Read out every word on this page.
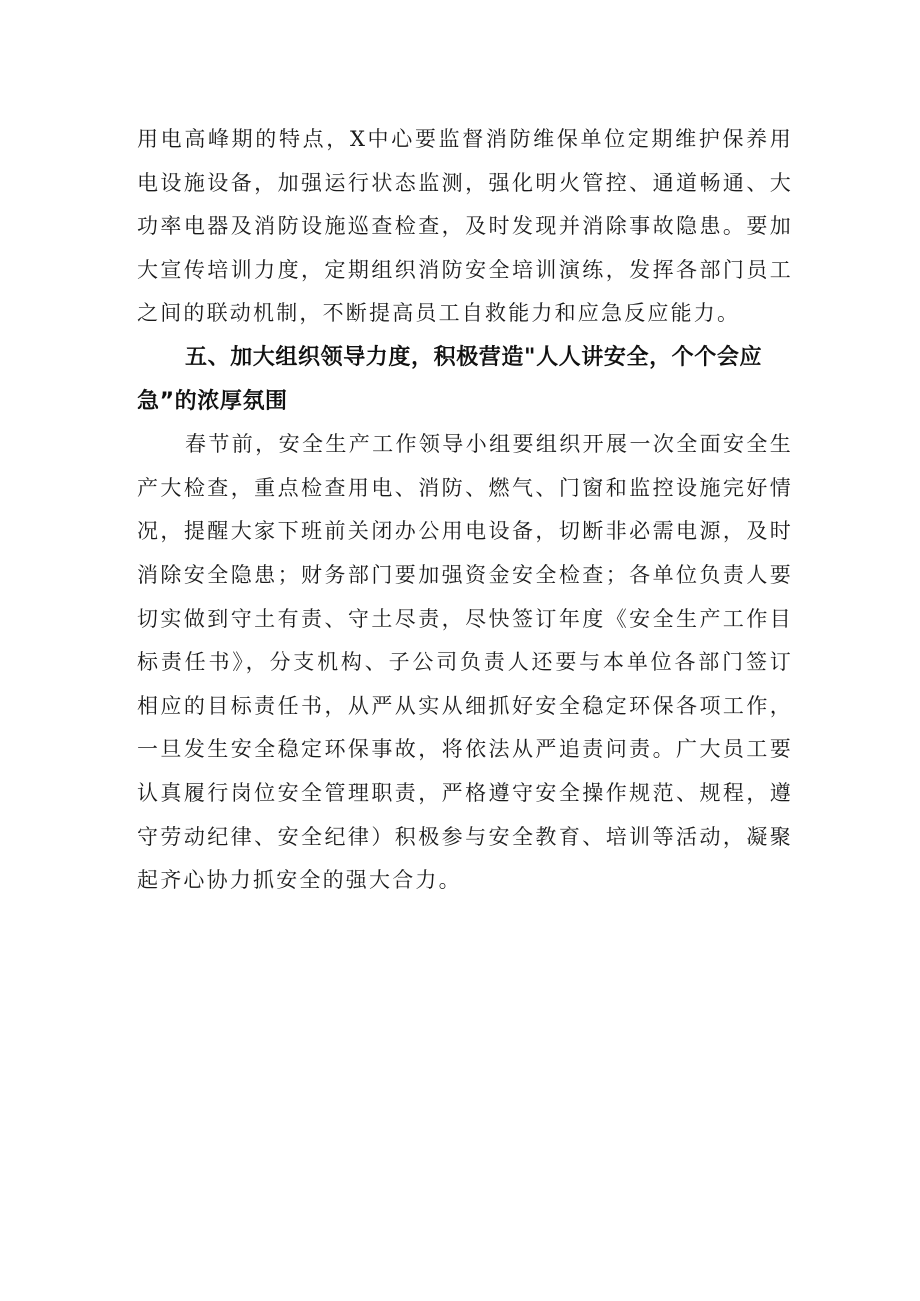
用电高峰期的特点，X中心要监督消防维保单位定期维护保养用电设施设备，加强运行状态监测，强化明火管控、通道畅通、大功率电器及消防设施巡查检查，及时发现并消除事故隐患。要加大宣传培训力度，定期组织消防安全培训演练，发挥各部门员工之间的联动机制，不断提高员工自救能力和应急反应能力。

五、加大组织领导力度，积极营造"人人讲安全，个个会应急”的浓厚氛围

春节前，安全生产工作领导小组要组织开展一次全面安全生产大检查，重点检查用电、消防、燃气、门窗和监控设施完好情况，提醒大家下班前关闭办公用电设备，切断非必需电源，及时消除安全隐患；财务部门要加强资金安全检查；各单位负责人要切实做到守土有责、守土尽责，尽快签订年度《安全生产工作目标责任书》，分支机构、子公司负责人还要与本单位各部门签订相应的目标责任书，从严从实从细抓好安全稳定环保各项工作，一旦发生安全稳定环保事故，将依法从严追责问责。广大员工要认真履行岗位安全管理职责，严格遵守安全操作规范、规程，遵守劳动纪律、安全纪律）积极参与安全教育、培训等活动，凝聚起齐心协力抓安全的强大合力。
